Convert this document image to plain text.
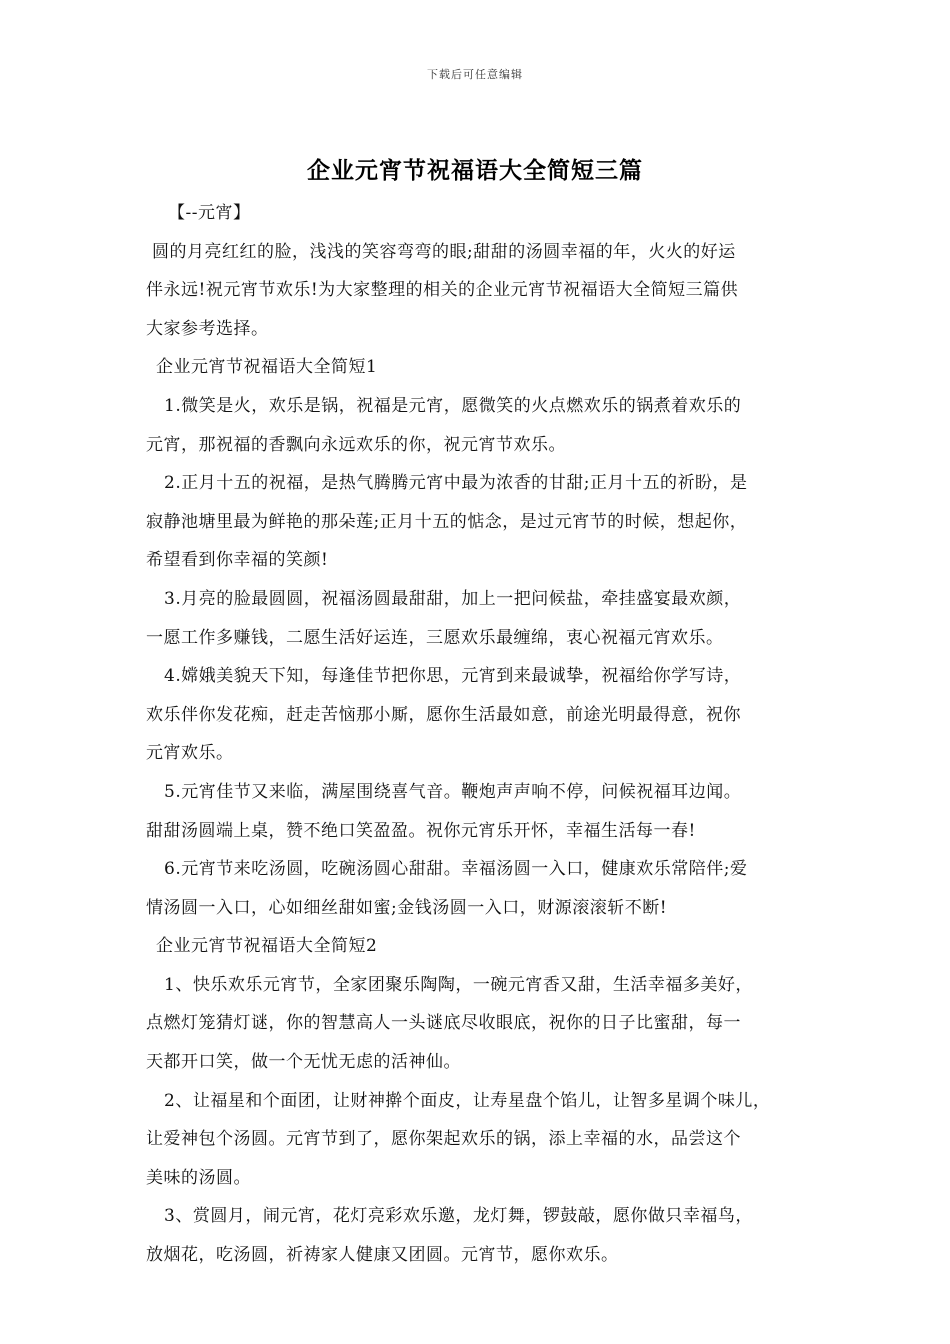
下载后可任意编辑
企业元宵节祝福语大全简短三篇
【--元宵】
圆的月亮红红的脸，浅浅的笑容弯弯的眼;甜甜的汤圆幸福的年，火火的好运
伴永远!祝元宵节欢乐!为大家整理的相关的企业元宵节祝福语大全简短三篇供
大家参考选择。
企业元宵节祝福语大全简短1
1.微笑是火，欢乐是锅，祝福是元宵，愿微笑的火点燃欢乐的锅煮着欢乐的
元宵，那祝福的香飘向永远欢乐的你，祝元宵节欢乐。
2.正月十五的祝福，是热气腾腾元宵中最为浓香的甘甜;正月十五的祈盼，是
寂静池塘里最为鲜艳的那朵莲;正月十五的惦念，是过元宵节的时候，想起你，
希望看到你幸福的笑颜!
3.月亮的脸最圆圆，祝福汤圆最甜甜，加上一把问候盐，牵挂盛宴最欢颜，
一愿工作多赚钱，二愿生活好运连，三愿欢乐最缠绵，衷心祝福元宵欢乐。
4.嫦娥美貌天下知，每逢佳节把你思，元宵到来最诚挚，祝福给你学写诗，
欢乐伴你发花痴，赶走苦恼那小厮，愿你生活最如意，前途光明最得意，祝你
元宵欢乐。
5.元宵佳节又来临，满屋围绕喜气音。鞭炮声声响不停，问候祝福耳边闻。
甜甜汤圆端上桌，赞不绝口笑盈盈。祝你元宵乐开怀，幸福生活每一春!
6.元宵节来吃汤圆，吃碗汤圆心甜甜。幸福汤圆一入口，健康欢乐常陪伴;爱
情汤圆一入口，心如细丝甜如蜜;金钱汤圆一入口，财源滚滚斩不断!
企业元宵节祝福语大全简短2
1、快乐欢乐元宵节，全家团聚乐陶陶，一碗元宵香又甜，生活幸福多美好，
点燃灯笼猜灯谜，你的智慧高人一头谜底尽收眼底，祝你的日子比蜜甜，每一
天都开口笑，做一个无忧无虑的活神仙。
2、让福星和个面团，让财神擀个面皮，让寿星盘个馅儿，让智多星调个味儿，
让爱神包个汤圆。元宵节到了，愿你架起欢乐的锅，添上幸福的水，品尝这个
美味的汤圆。
3、赏圆月，闹元宵，花灯亮彩欢乐邀，龙灯舞，锣鼓敲，愿你做只幸福鸟，
放烟花，吃汤圆，祈祷家人健康又团圆。元宵节，愿你欢乐。
